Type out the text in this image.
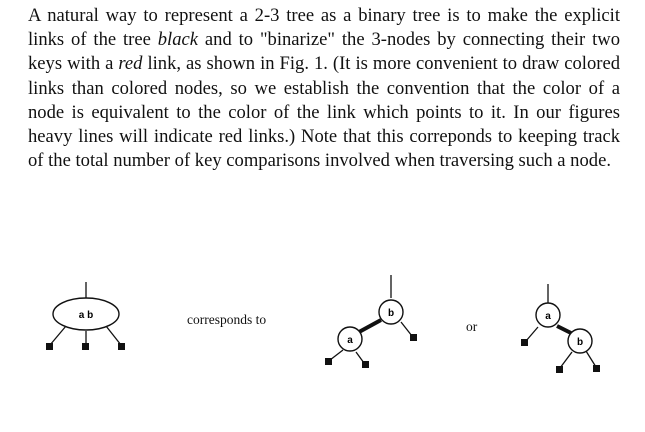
A natural way to represent a 2-3 tree as a binary tree is to make the explicit links of the tree black and to "binarize" the 3-nodes by connecting their two keys with a red link, as shown in Fig. 1. (It is more convenient to draw colored links than colored nodes, so we establish the convention that the color of a node is equivalent to the color of the link which points to it. In our figures heavy lines will indicate red links.) Note that this correponds to keeping track of the total number of key comparisons involved when traversing such a node.

a b	b
a
a
b
corresponds to	or
